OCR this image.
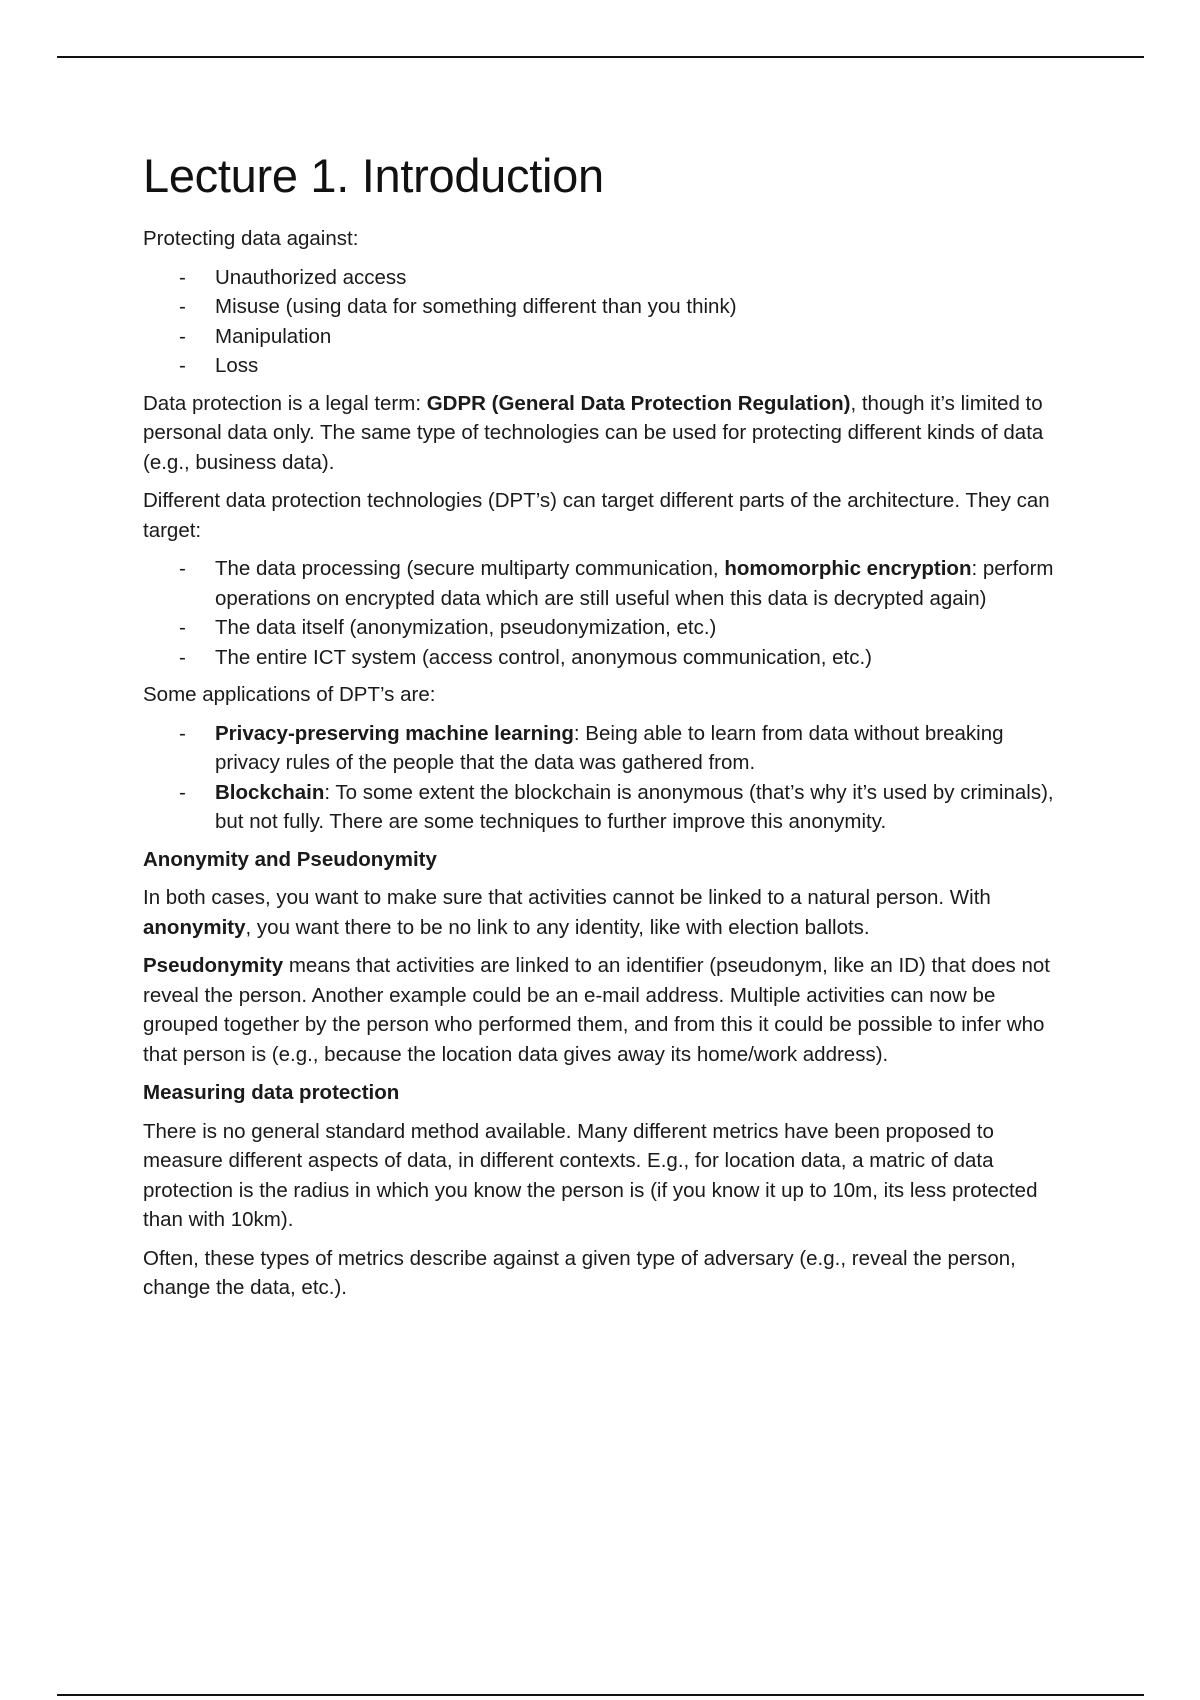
Lecture 1. Introduction

Protecting data against:

- Unauthorized access
- Misuse (using data for something different than you think)
- Manipulation
- Loss

Data protection is a legal term: GDPR (General Data Protection Regulation), though it’s limited to personal data only. The same type of technologies can be used for protecting different kinds of data (e.g., business data).

Different data protection technologies (DPT’s) can target different parts of the architecture. They can target:

- The data processing (secure multiparty communication, homomorphic encryption: perform operations on encrypted data which are still useful when this data is decrypted again)
- The data itself (anonymization, pseudonymization, etc.)
- The entire ICT system (access control, anonymous communication, etc.)

Some applications of DPT’s are:

- Privacy-preserving machine learning: Being able to learn from data without breaking privacy rules of the people that the data was gathered from.
- Blockchain: To some extent the blockchain is anonymous (that’s why it’s used by criminals), but not fully. There are some techniques to further improve this anonymity.
Anonymity and Pseudonymity

In both cases, you want to make sure that activities cannot be linked to a natural person. With anonymity, you want there to be no link to any identity, like with election ballots.

Pseudonymity means that activities are linked to an identifier (pseudonym, like an ID) that does not reveal the person. Another example could be an e-mail address. Multiple activities can now be grouped together by the person who performed them, and from this it could be possible to infer who that person is (e.g., because the location data gives away its home/work address).

Measuring data protection

There is no general standard method available. Many different metrics have been proposed to measure different aspects of data, in different contexts. E.g., for location data, a matric of data protection is the radius in which you know the person is (if you know it up to 10m, its less protected than with 10km).

Often, these types of metrics describe against a given type of adversary (e.g., reveal the person, change the data, etc.).
